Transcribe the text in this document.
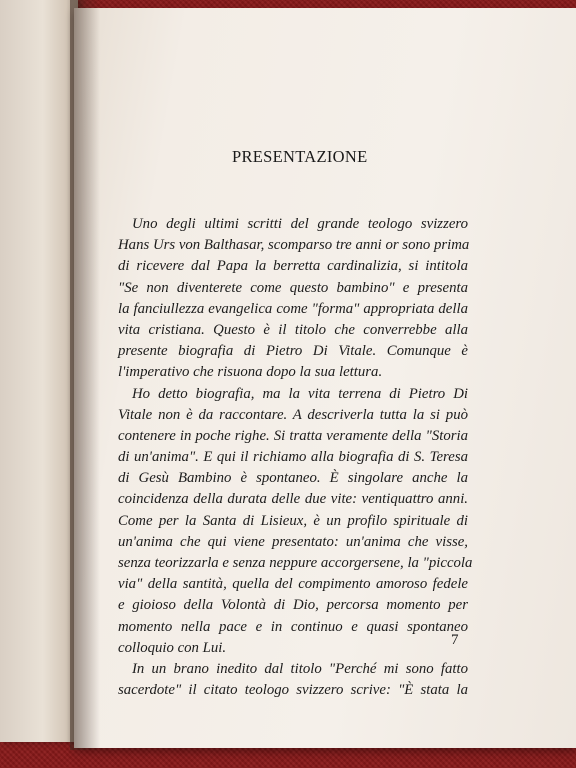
PRESENTAZIONE
Uno degli ultimi scritti del grande teologo svizzero
Hans Urs von Balthasar, scomparso tre anni or sono prima
di ricevere dal Papa la berretta cardinalizia, si intitola
"Se non diventerete come questo bambino" e presenta
la fanciullezza evangelica come "forma" appropriata della
vita cristiana. Questo è il titolo che converrebbe alla
presente biografia di Pietro Di Vitale. Comunque è
l'imperativo che risuona dopo la sua lettura.
Ho detto biografia, ma la vita terrena di Pietro Di
Vitale non è da raccontare. A descriverla tutta la si può
contenere in poche righe. Si tratta veramente della "Storia
di un'anima". E qui il richiamo alla biografia di S. Teresa
di Gesù Bambino è spontaneo. È singolare anche la
coincidenza della durata delle due vite: ventiquattro anni.
Come per la Santa di Lisieux, è un profilo spirituale di
un'anima che qui viene presentato: un'anima che visse,
senza teorizzarla e senza neppure accorgersene, la "piccola
via" della santità, quella del compimento amoroso fedele
e gioioso della Volontà di Dio, percorsa momento per
momento nella pace e in continuo e quasi spontaneo
colloquio con Lui.
In un brano inedito dal titolo "Perché mi sono fatto
sacerdote" il citato teologo svizzero scrive: "È stata la
7
